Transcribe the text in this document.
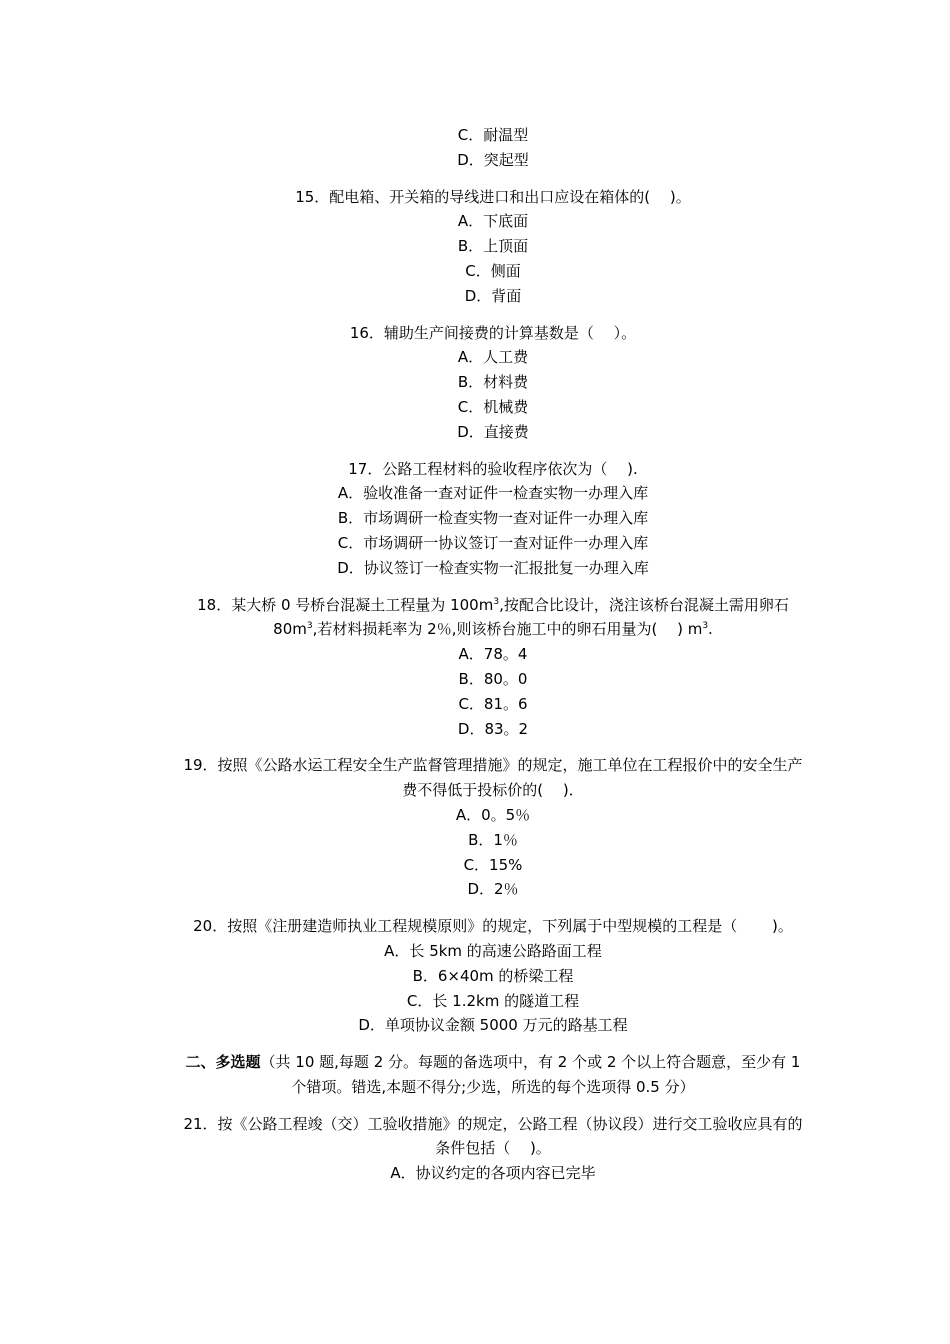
C．耐温型
D．突起型
15．配电箱、开关箱的导线进口和出口应设在箱体的(　 )。
A．下底面
B．上顶面
C．侧面
D．背面
16．辅助生产间接费的计算基数是（　 ）。
A．人工费
B．材料费
C．机械费
D．直接费
17．公路工程材料的验收程序依次为（　 ).
A．验收准备一查对证件一检查实物一办理入库
B．市场调研一检查实物一查对证件一办理入库
C．市场调研一协议签订一查对证件一办理入库
D．协议签订一检查实物一汇报批复一办理入库
18．某大桥 0 号桥台混凝土工程量为 $100m^3$,按配合比设计，浇注该桥台混凝土需用卵石 $80m^3$,若材料损耗率为 2％,则该桥台施工中的卵石用量为(　 ) $m^3$.
A．78。4
B．80。0
C．81。6
D．83。2
19．按照《公路水运工程安全生产监督管理措施》的规定，施工单位在工程报价中的安全生产费不得低于投标价的(　 )．
A．0。5％
B．1％
C．15%
D．2％
20．按照《注册建造师执业工程规模原则》的规定，下列属于中型规模的工程是（　　 )。
A．长 5km 的高速公路路面工程
B．6×40m 的桥梁工程
C．长 1.2km 的隧道工程
D．单项协议金额 5000 万元的路基工程
二、多选题（共 10 题,每题 2 分。每题的备选项中，有 2 个或 2 个以上符合题意，至少有 1 个错项。错选,本题不得分;少选，所选的每个选项得 0.5 分）
21．按《公路工程竣（交）工验收措施》的规定，公路工程（协议段）进行交工验收应具有的条件包括（　 )。
A．协议约定的各项内容已完毕
